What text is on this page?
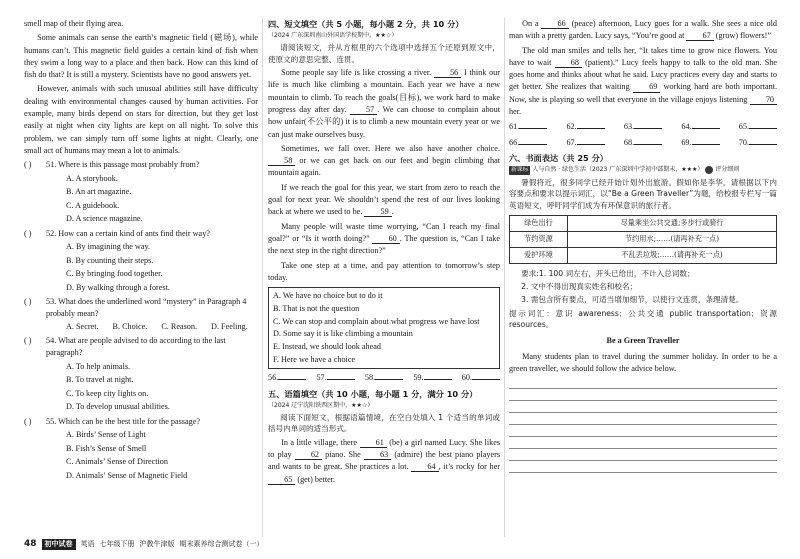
smell map of their flying area.

Some animals can sense the earth’s magnetic field (磁场), while humans can’t. This magnetic field guides a certain kind of fish when they swim a long way to a place and then back. How can this kind of fish do that? It is still a mystery. Scientists have no good answers yet.

However, animals with such unusual abilities still have difficulty dealing with environmental changes caused by human activities. For example, many birds depend on stars for direction, but they get lost easily at night when city lights are kept on all night. To solve this problem, we can simply turn off some lights at night. Clearly, one small act of humans may mean a lot to animals.

( )	51. Where is this passage most probably from?
A. A storybook.
B. An art magazine.
C. A guidebook.
D. A science magazine.
( )	52. How can a certain kind of ants find their way?
A. By imagining the way.
B. By counting their steps.
C. By bringing food together.
D. By walking through a forest.
( )	53. What does the underlined word “mystery” in Paragraph 4 probably mean?
A. Secret. B. Choice. C. Reason. D. Feeling.
( )	54. What are people advised to do according to the last paragraph?
A. To help animals.
B. To travel at night.
C. To keep city lights on.
D. To develop unusual abilities.
( )	55. Which can be the best title for the passage?
A. Birds’ Sense of Light
B. Fish’s Sense of Smell
C. Animals’ Sense of Direction
D. Animals’ Sense of Magnetic Field
四、短文填空（共 5 小题，每小题 2 分，共 10 分）
（2024 广东深圳南山外国语学校期中，★★☆）

请阅读短文，并从方框里的六个选项中选择五个还原到原文中，使原文的意思完整、连贯。

Some people say life is like crossing a river. 56 I think our life is much like climbing a mountain. Each year we have a new mountain to climb. To reach the goals(目标), we work hard to make progress day after day. 57 . We can choose to complain about how unfair(不公平的) it is to climb a new mountain every year or we can just make ourselves busy.

Sometimes, we fall over. Here we also have another choice. 58 or we can get back on our feet and begin climbing that mountain again.

If we reach the goal for this year, we start from zero to reach the goal for next year. We shouldn’t spend the rest of our lives looking back at where we used to be. 59 .

Many people will waste time worrying, “Can I reach my final goal?” or “Is it worth doing?” 60 . The question is, “Can I take the next step in the right direction?”

Take one step at a time, and pay attention to tomorrow’s step today.

A. We have no choice but to do it
B. That is not the question
C. We can stop and complain about what progress we have lost
D. Some say it is like climbing a mountain
E. Instead, we should look ahead
F. Here we have a choice
56.	57.	58.	59.	60.
五、语篇填空（共 10 小题，每小题 1 分，满分 10 分）
（2024 辽宁沈阳铁西区期中，★★☆）

阅读下面短文，根据语篇情境，在空白处填入 1 个适当的单词或括号内单词的适当形式。

In a little village, there 61 (be) a girl named Lucy. She likes to play 62 piano. She 63 (admire) the best piano players and wants to be great. She practices a lot. 64 , it’s rocky for her 65 (get) better.

On a 66 (peace) afternoon, Lucy goes for a walk. She sees a nice old man with a pretty garden. Lucy says, “You’re good at 67 (grow) flowers!”

The old man smiles and tells her, “It takes time to grow nice flowers. You have to wait 68 (patient).” Lucy feels happy to talk to the old man. She goes home and thinks about what he said. Lucy practices every day and starts to get better. She realizes that waiting 69 working hard are both important. Now, she is playing so well that everyone in the village enjoys listening 70 her.

61.	62.	63.	64.	65.
66.	67.	68.	69.	70.
六、书面表达（共 25 分）
新课标 人与自然 · 绿色生活（2023 广东深圳中学初中部期末，★★★） 评分细则

暑假将近，很多同学已经开始计划外出旅游。假如你是李华，请根据以下内容要点和要求以提示词汇，以“Be a Green Traveller”为题，给校报专栏写一篇英语短文，呼吁同学们成为有环保意识的旅行者。

绿色出行	尽量乘坐公共交通;多步行或骑行
节约资源	节约用水;……(请再补充一点)
爱护环境	不乱丢垃圾;……(请再补充一点)

要求:1. 100 词左右，开头已给出，不计入总词数；

2. 文中不得出现真实姓名和校名；

3. 需包含所有要点，可适当增加细节，以使行文连贯，条理清楚。

提示词汇：意识 awareness；公共交通 public transportation；资源 resources。

Be a Green Traveller

Many students plan to travel during the summer holiday. In order to be a green traveller, we should follow the advice below.

48	初中试卷	英语 七年级下册 沪教牛津版 期末素养综合测试卷（一）
